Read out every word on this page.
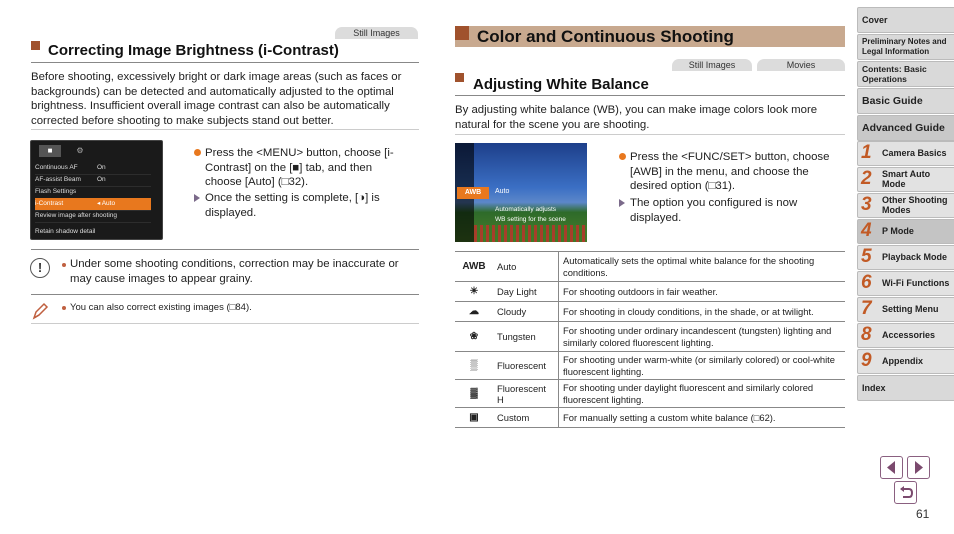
Still Images
Correcting Image Brightness (i-Contrast)

Before shooting, excessively bright or dark image areas (such as faces or backgrounds) can be detected and automatically adjusted to the optimal brightness. Insufficient overall image contrast can also be automatically corrected before shooting to make subjects stand out better.

■	⚙
Continuous AF	On
AF-assist Beam On
Flash Settings
i-Contrast	◂ Auto
Review image after shooting
Retain shadow detail

Press the <MENU> button, choose [i-Contrast] on the [■] tab, and then choose [Auto] (□32).

Once the setting is complete, [◑] is displayed.

!	Under some shooting conditions, correction may be inaccurate or may cause images to appear grainy.

You can also correct existing images (□84).

Color and Continuous Shooting
Still Images	Movies
Adjusting White Balance

By adjusting white balance (WB), you can make image colors look more natural for the scene you are shooting.

AWB	Auto
Automatically adjusts
WB setting for the scene

Press the <FUNC/SET> button, choose [AWB] in the menu, and choose the desired option (□31).

The option you configured is now displayed.

AWB	Auto	Automatically sets the optimal white balance for the shooting conditions.
☀	Day Light	For shooting outdoors in fair weather.
☁	Cloudy	For shooting in cloudy conditions, in the shade, or at twilight.
❀	Tungsten	For shooting under ordinary incandescent (tungsten) lighting and similarly colored fluorescent lighting.
▒	Fluorescent	For shooting under warm-white (or similarly colored) or cool-white fluorescent lighting.
▓	Fluorescent H	For shooting under daylight fluorescent and similarly colored fluorescent lighting.
▣	Custom	For manually setting a custom white balance (□62).
Cover
Preliminary Notes and Legal Information
Contents: Basic Operations
Basic Guide
Advanced Guide
1 Camera Basics
2 Smart Auto Mode
3 Other Shooting Modes
4 P Mode
5 Playback Mode
6 Wi-Fi Functions
7 Setting Menu
8 Accessories
9 Appendix
Index
61
